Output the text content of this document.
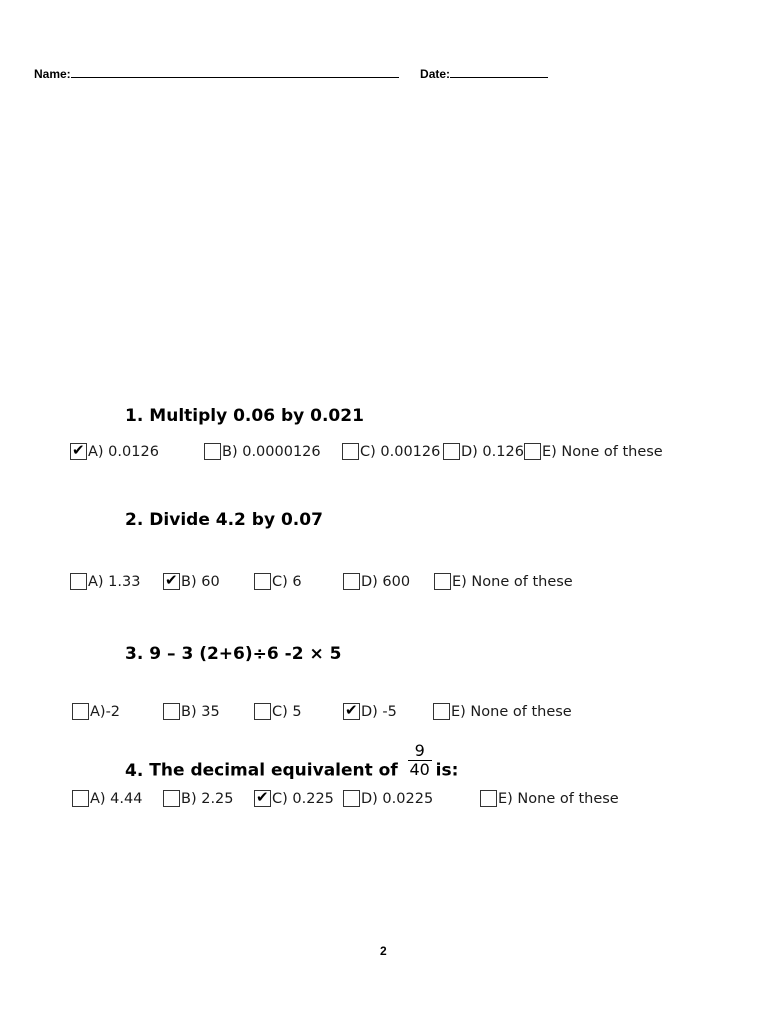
Name:	Date:
1. Multiply 0.06 by 0.021
✔
A) 0.0126	B) 0.0000126	C) 0.00126 D) 0.126 E) None of these
2. Divide 4.2 by 0.07
A) 1.33 ✔	B) 60	C) 6	D) 600	E) None of these
3. 9 – 3 (2+6)÷6 -2 × 5
A)-2	B) 35	C) 5 ✔	D) -5	E) None of these
4. The decimal equivalent of $\frac{9}{40}$ is:
A) 4.44	B) 2.25 ✔	C) 0.225 D) 0.0225	E) None of these
2
